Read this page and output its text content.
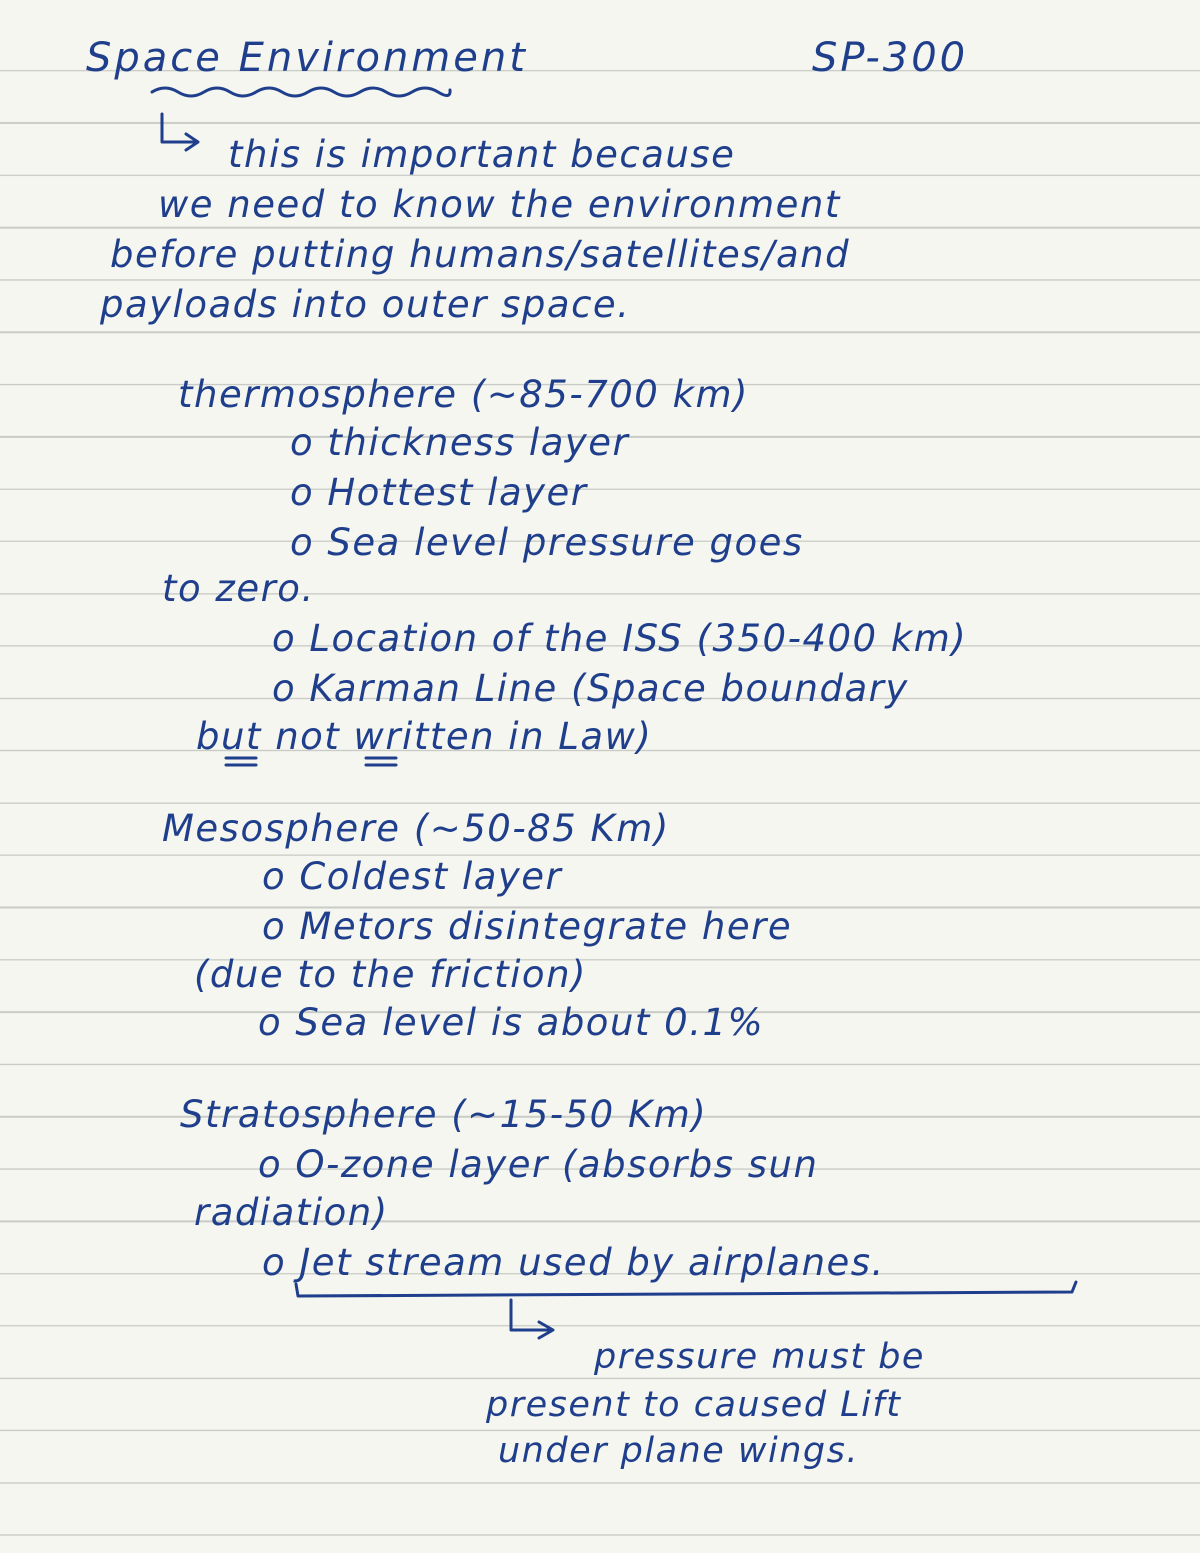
Space Environment	SP-300
this is important because
we need to know the environment
before putting humans/satellites/and
payloads into outer space.
thermosphere (~85-700 km)
o thickness layer
o Hottest layer
o Sea level pressure goes
to zero.
o Location of the ISS (350-400 km)
o Karman Line (Space boundary
but not written in Law)
Mesosphere (~50-85 Km)
o Coldest layer
o Metors disintegrate here
(due to the friction)
o Sea level is about 0.1%
Stratosphere (~15-50 Km)
o O-zone layer (absorbs sun
radiation)
o Jet stream used by airplanes.
pressure must be
present to caused Lift
under plane wings.
